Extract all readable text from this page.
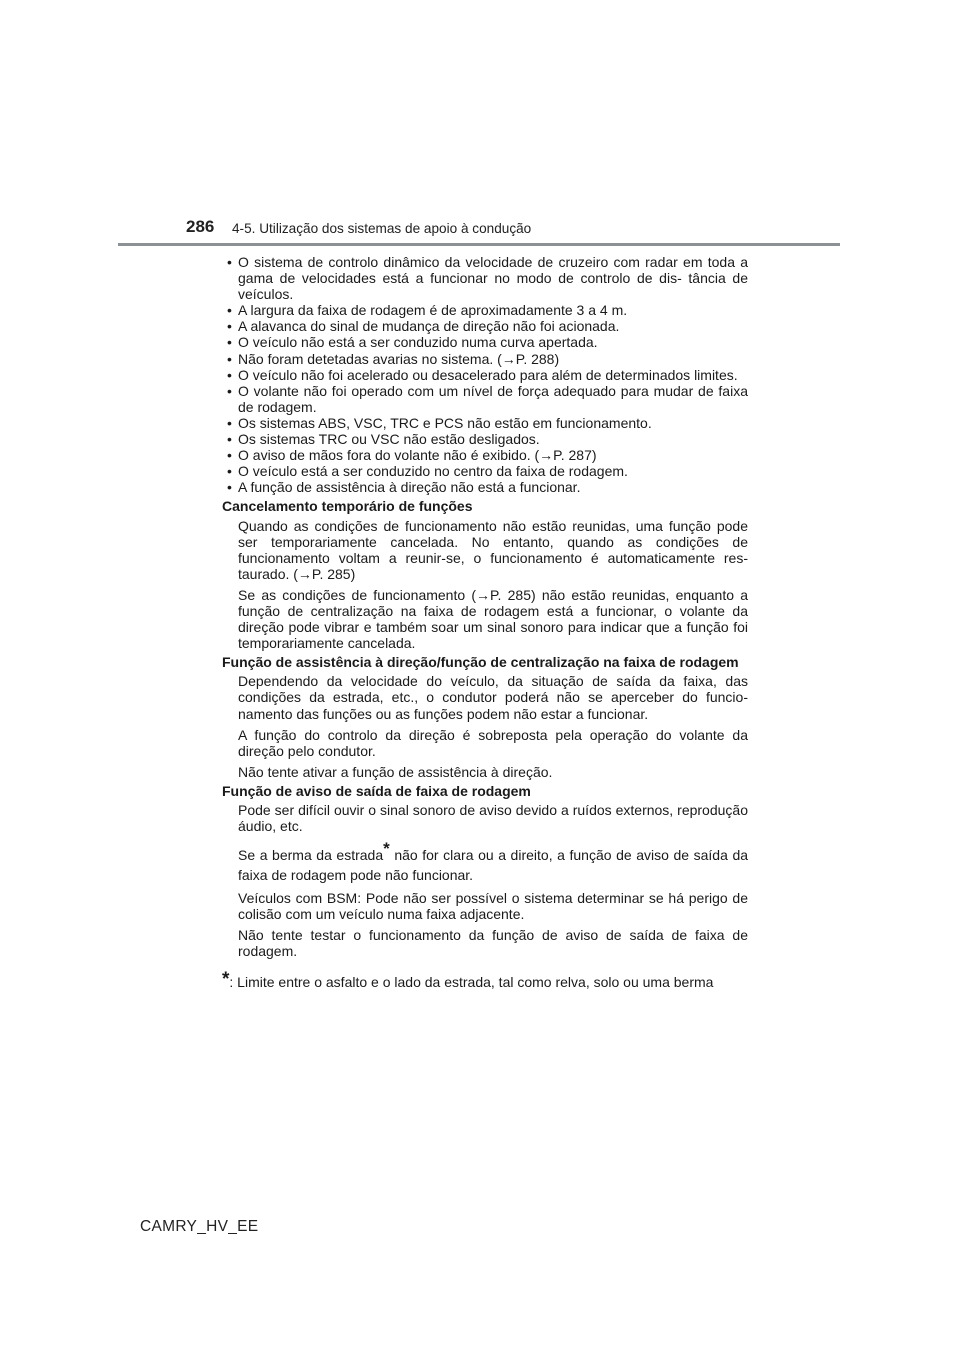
286 4-5. Utilização dos sistemas de apoio à condução
• O sistema de controlo dinâmico da velocidade de cruzeiro com radar em toda a gama de velocidades está a funcionar no modo de controlo de dis- tância de veículos.
• A largura da faixa de rodagem é de aproximadamente 3 a 4 m.
• A alavanca do sinal de mudança de direção não foi acionada.
• O veículo não está a ser conduzido numa curva apertada.
• Não foram detetadas avarias no sistema. (→P. 288)
• O veículo não foi acelerado ou desacelerado para além de determinados limites.
• O volante não foi operado com um nível de força adequado para mudar de faixa de rodagem.
• Os sistemas ABS, VSC, TRC e PCS não estão em funcionamento.
• Os sistemas TRC ou VSC não estão desligados.
• O aviso de mãos fora do volante não é exibido. (→P. 287)
• O veículo está a ser conduzido no centro da faixa de rodagem.
• A função de assistência à direção não está a funcionar.
Cancelamento temporário de funções
Quando as condições de funcionamento não estão reunidas, uma função pode ser temporariamente cancelada. No entanto, quando as condições de funcionamento voltam a reunir-se, o funcionamento é automaticamente res- taurado. (→P. 285)
Se as condições de funcionamento (→P. 285) não estão reunidas, enquanto a função de centralização na faixa de rodagem está a funcionar, o volante da direção pode vibrar e também soar um sinal sonoro para indicar que a função foi temporariamente cancelada.
Função de assistência à direção/função de centralização na faixa de rodagem
Dependendo da velocidade do veículo, da situação de saída da faixa, das condições da estrada, etc., o condutor poderá não se aperceber do funcio- namento das funções ou as funções podem não estar a funcionar.
A função do controlo da direção é sobreposta pela operação do volante da direção pelo condutor.
Não tente ativar a função de assistência à direção.
Função de aviso de saída de faixa de rodagem
Pode ser difícil ouvir o sinal sonoro de aviso devido a ruídos externos, reprodução áudio, etc.
Se a berma da estrada* não for clara ou a direito, a função de aviso de saída da faixa de rodagem pode não funcionar.
Veículos com BSM: Pode não ser possível o sistema determinar se há perigo de colisão com um veículo numa faixa adjacente.
Não tente testar o funcionamento da função de aviso de saída de faixa de rodagem.
*: Limite entre o asfalto e o lado da estrada, tal como relva, solo ou uma berma
CAMRY_HV_EE
